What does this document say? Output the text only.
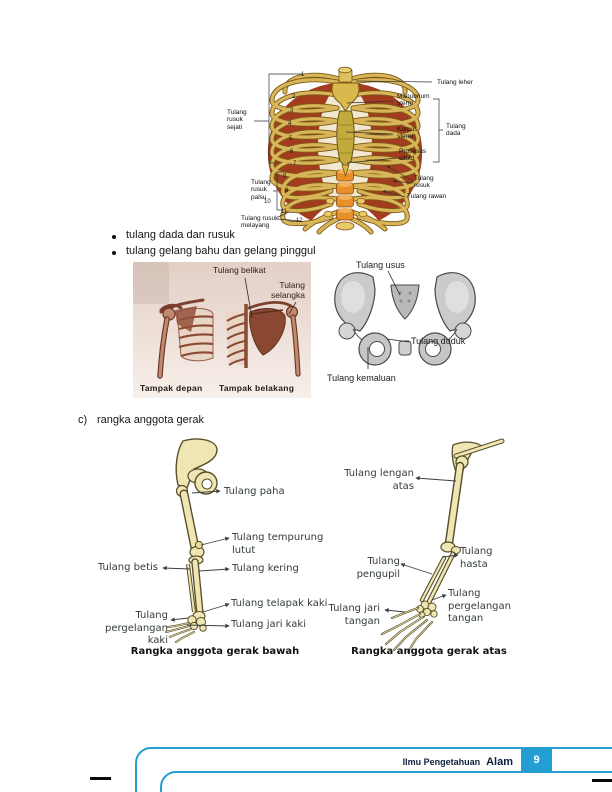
Tulang leher
Manubrium sterni
Korpus sterni
Prosesus sifoid
Tulang dada
Tulang rusuk
Tulang rawan
Tulang rusuk sejati
Tulang rusuk palsu
Tulang rusuk melayang
1
2
3
4
5
6
7
8
9
10
11
12
tulang dada dan rusuk
tulang gelang bahu dan gelang pinggul
Tulang belikat
Tulang selangka
Tampak depan Tampak belakang
Tulang usus
Tulang duduk
Tulang kemaluan
c) rangka anggota gerak
Tulang paha
Tulang tempurung lutut
Tulang betis	Tulang kering
Tulang telapak kaki
Tulang jari kaki
Tulang pergelangan kaki
Rangka anggota gerak bawah
Tulang lengan atas
Tulang hasta
Tulang pengupil
Tulang pergelangan tangan
Tulang jari tangan
Rangka anggota gerak atas
Ilmu Pengetahuan Alam	9
